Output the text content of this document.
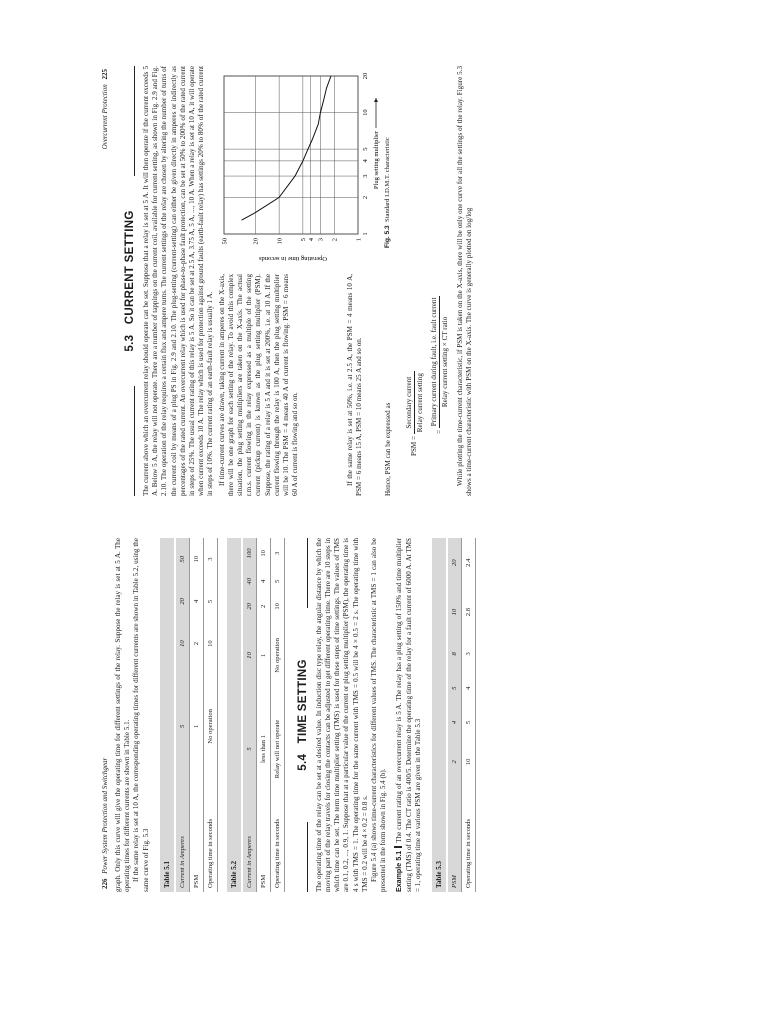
226 Power System Protection and Switchgear graph. Only this curve will give the operating time for different settings of the relay. Suppose the relay is set at 5 A. The operating times for different currents are shown in Table 5.1. If the same relay is set at 10 A, the corresponding operating times for different currents are shown in Table 5.2, using the same curve of Fig. 5.3	Table 5.1	Current in Amperes	5	10	20	50
PSM	1	2	4	10
Operating time in seconds	No operation	10	5	3
Table 5.2	Current in Amperes	5	10	20	40	100
PSM	less than 1	1	2	4	10
Operating time in seconds	Relay will not operate	No operation	10	5	3
5.4   TIME SETTING The operating time of the relay can be set at a desired value. In induction disc type relay, the angular distance by which the moving part of the relay travels for closing the contacts can be adjusted to get different operating time. There are 10 steps in which time can be set. The term time multiplier setting (TMS) is used for these steps of time settings. The values of TMS are 0.1, 0.2, ..., 0.9, 1. Suppose that at a particular value of the current or plug setting multiplier (PSM), the operating time is 4 s with TMS = 1. The operating time for the same current with TMS = 0.5 will be 4 × 0.5 = 2 s. The operating time with TMS = 0.2 will be 4 × 0.2 = 0.8 s. Figure 5.4 (a) shows time-current characteristics for different values of TMS. The characteristic at TMS = 1 can also be presented in the form shown in Fig. 5.4 (b). Example 5.1The current rating of an overcurrent relay is 5 A. The relay has a plug setting of 150% and time multiplier setting (TMS) of 0.4. The CT ratio is 400/5. Determine the operating time of the relay for a fault current of 6000 A. At TMS = 1, operating time at various PSM are given in the Table 5.3	Table 5.3	PSM	2	4	5	8	10	20
Operating time in seconds	10	5	4	3	2.8	2.4
Overcurrent Protection 225
5.3   CURRENT SETTING The current above which an overcurrent relay should operate can be set. Suppose that a relay is set at 5 A. It will then operate if the current exceeds 5 A. Below 5 A, the relay will not operate. There are a number of tappings on the current coil, available for current setting, as shown in Fig. 2.9 and Fig. 2.10. The operation of the relay requires a certain flux and ampere turns. The current settings of the relay are chosen by altering the number of turns of the current coil by means of a plug PS in Fig. 2.9 and 2.10. The plug-setting (current-setting) can either be given directly in amperes or indirectly as percentages of the rated current. An overcurrent relay which is used for phase-to-phase fault protection, can be set at 50% to 200% of the rated current in steps of 25%. The usual current rating of this relay is 5 A. So it can be set at 2.5 A, 3.75 A, 5 A, ..., 10 A. When a relay is set at 10 A, it will operate when current exceeds 10 A. The relay which is used for protection against ground faults (earth-fault relay) has settings 20% to 80% of the rated current in steps of 10%. The current rating of an earth-fault relay is usually 1 A. If time-current curves are drawn, taking current in amperes on the X-axis, there will be one graph for each setting of the relay. To avoid this complex situation, the plug setting multipliers are taken on the X-axis. The actual r.m.s. current flowing in the relay expressed as a multiple of the setting current (pickup current) is known as the plug setting multiplier (PSM). Suppose, the rating of a relay is 5 A and it is set at 200%, i.e. at 10 A. If the current flowing through the relay is 100 A, then the plug setting multiplier will be 10. The PSM = 4 means 40 A of current is flowing. PSM = 6 means 60 A of current is flowing and so on.	If the same relay is set at 50%, i.e. at 2.5 A, the PSM = 4 means 10 A, PSM = 6 means 15 A, PSM = 10 means 25 A and so on.	Hence, PSM can be expressed as

1
2
3
4
5
10
20
1
2
3
4
5
10
20
50
Operating time in seconds
Plug setting multiplier
Fig. 5.3  Standard I.D.M.T. characteristic
PSM =
Secondary current Relay current setting	=
Primary current during fault, i.e. fault current Relay current setting × CT ratio While plotting the time-current characteristic, if PSM is taken on the X-axis, there will be only one curve for all the settings of the relay. Figure 5.3 shows a time-current characteristic with PSM on the X-axis. The curve is generally plotted on log/log
